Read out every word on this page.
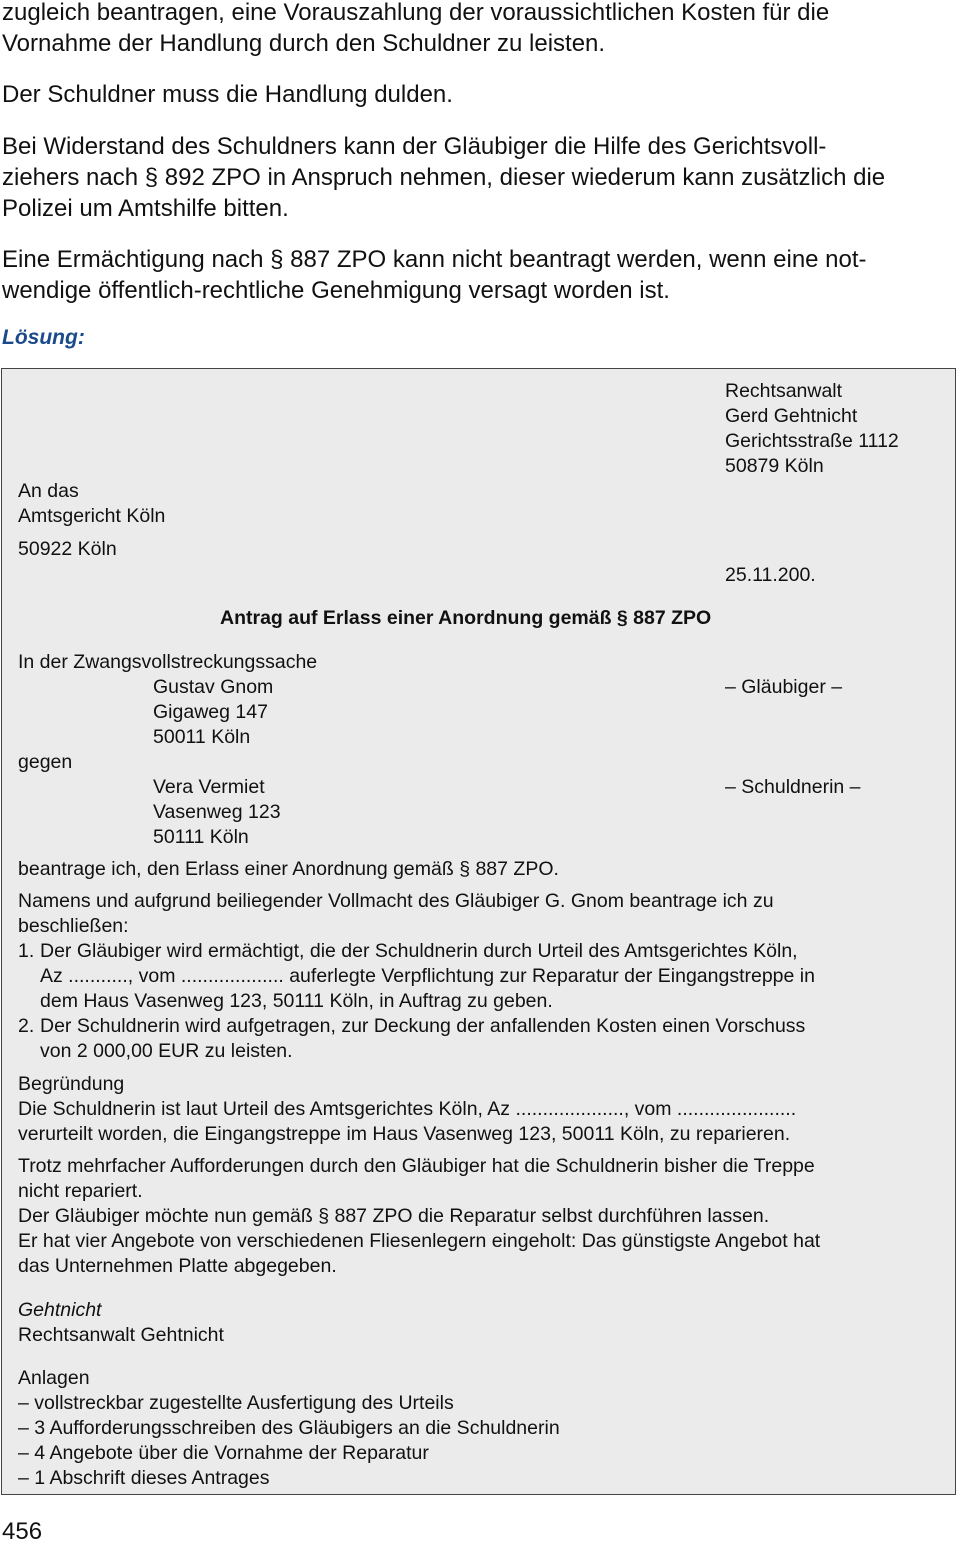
zugleich beantragen, eine Vorauszahlung der voraussichtlichen Kosten für die

Vornahme der Handlung durch den Schuldner zu leisten.

Der Schuldner muss die Handlung dulden.

Bei Widerstand des Schuldners kann der Gläubiger die Hilfe des Gerichtsvoll-

ziehers nach § 892 ZPO in Anspruch nehmen, dieser wiederum kann zusätzlich die

Polizei um Amtshilfe bitten.

Eine Ermächtigung nach § 887 ZPO kann nicht beantragt werden, wenn eine not-

wendige öffentlich-rechtliche Genehmigung versagt worden ist.

Lösung:
Rechtsanwalt
Gerd Gehtnicht
Gerichtsstraße 1112
50879 Köln
An das
Amtsgericht Köln
50922 Köln
25.11.200.
Antrag auf Erlass einer Anordnung gemäß § 887 ZPO
In der Zwangsvollstreckungssache
Gustav Gnom
Gigaweg 147
50011 Köln
– Gläubiger –
gegen
Vera Vermiet
Vasenweg 123
50111 Köln
– Schuldnerin –
beantrage ich, den Erlass einer Anordnung gemäß § 887 ZPO.
Namens und aufgrund beiliegender Vollmacht des Gläubiger G. Gnom beantrage ich zu
beschließen:
1. Der Gläubiger wird ermächtigt, die der Schuldnerin durch Urteil des Amtsgerichtes Köln,
Az ..........., vom ................... auferlegte Verpflichtung zur Reparatur der Eingangstreppe in
dem Haus Vasenweg 123, 50111 Köln, in Auftrag zu geben.
2. Der Schuldnerin wird aufgetragen, zur Deckung der anfallenden Kosten einen Vorschuss
von 2 000,00 EUR zu leisten.
Begründung
Die Schuldnerin ist laut Urteil des Amtsgerichtes Köln, Az ...................., vom ......................
verurteilt worden, die Eingangstreppe im Haus Vasenweg 123, 50011 Köln, zu reparieren.
Trotz mehrfacher Aufforderungen durch den Gläubiger hat die Schuldnerin bisher die Treppe
nicht repariert.
Der Gläubiger möchte nun gemäß § 887 ZPO die Reparatur selbst durchführen lassen.
Er hat vier Angebote von verschiedenen Fliesenlegern eingeholt: Das günstigste Angebot hat
das Unternehmen Platte abgegeben.
Gehtnicht
Rechtsanwalt Gehtnicht
Anlagen
– vollstreckbar zugestellte Ausfertigung des Urteils
– 3 Aufforderungsschreiben des Gläubigers an die Schuldnerin
– 4 Angebote über die Vornahme der Reparatur
– 1 Abschrift dieses Antrages
456
